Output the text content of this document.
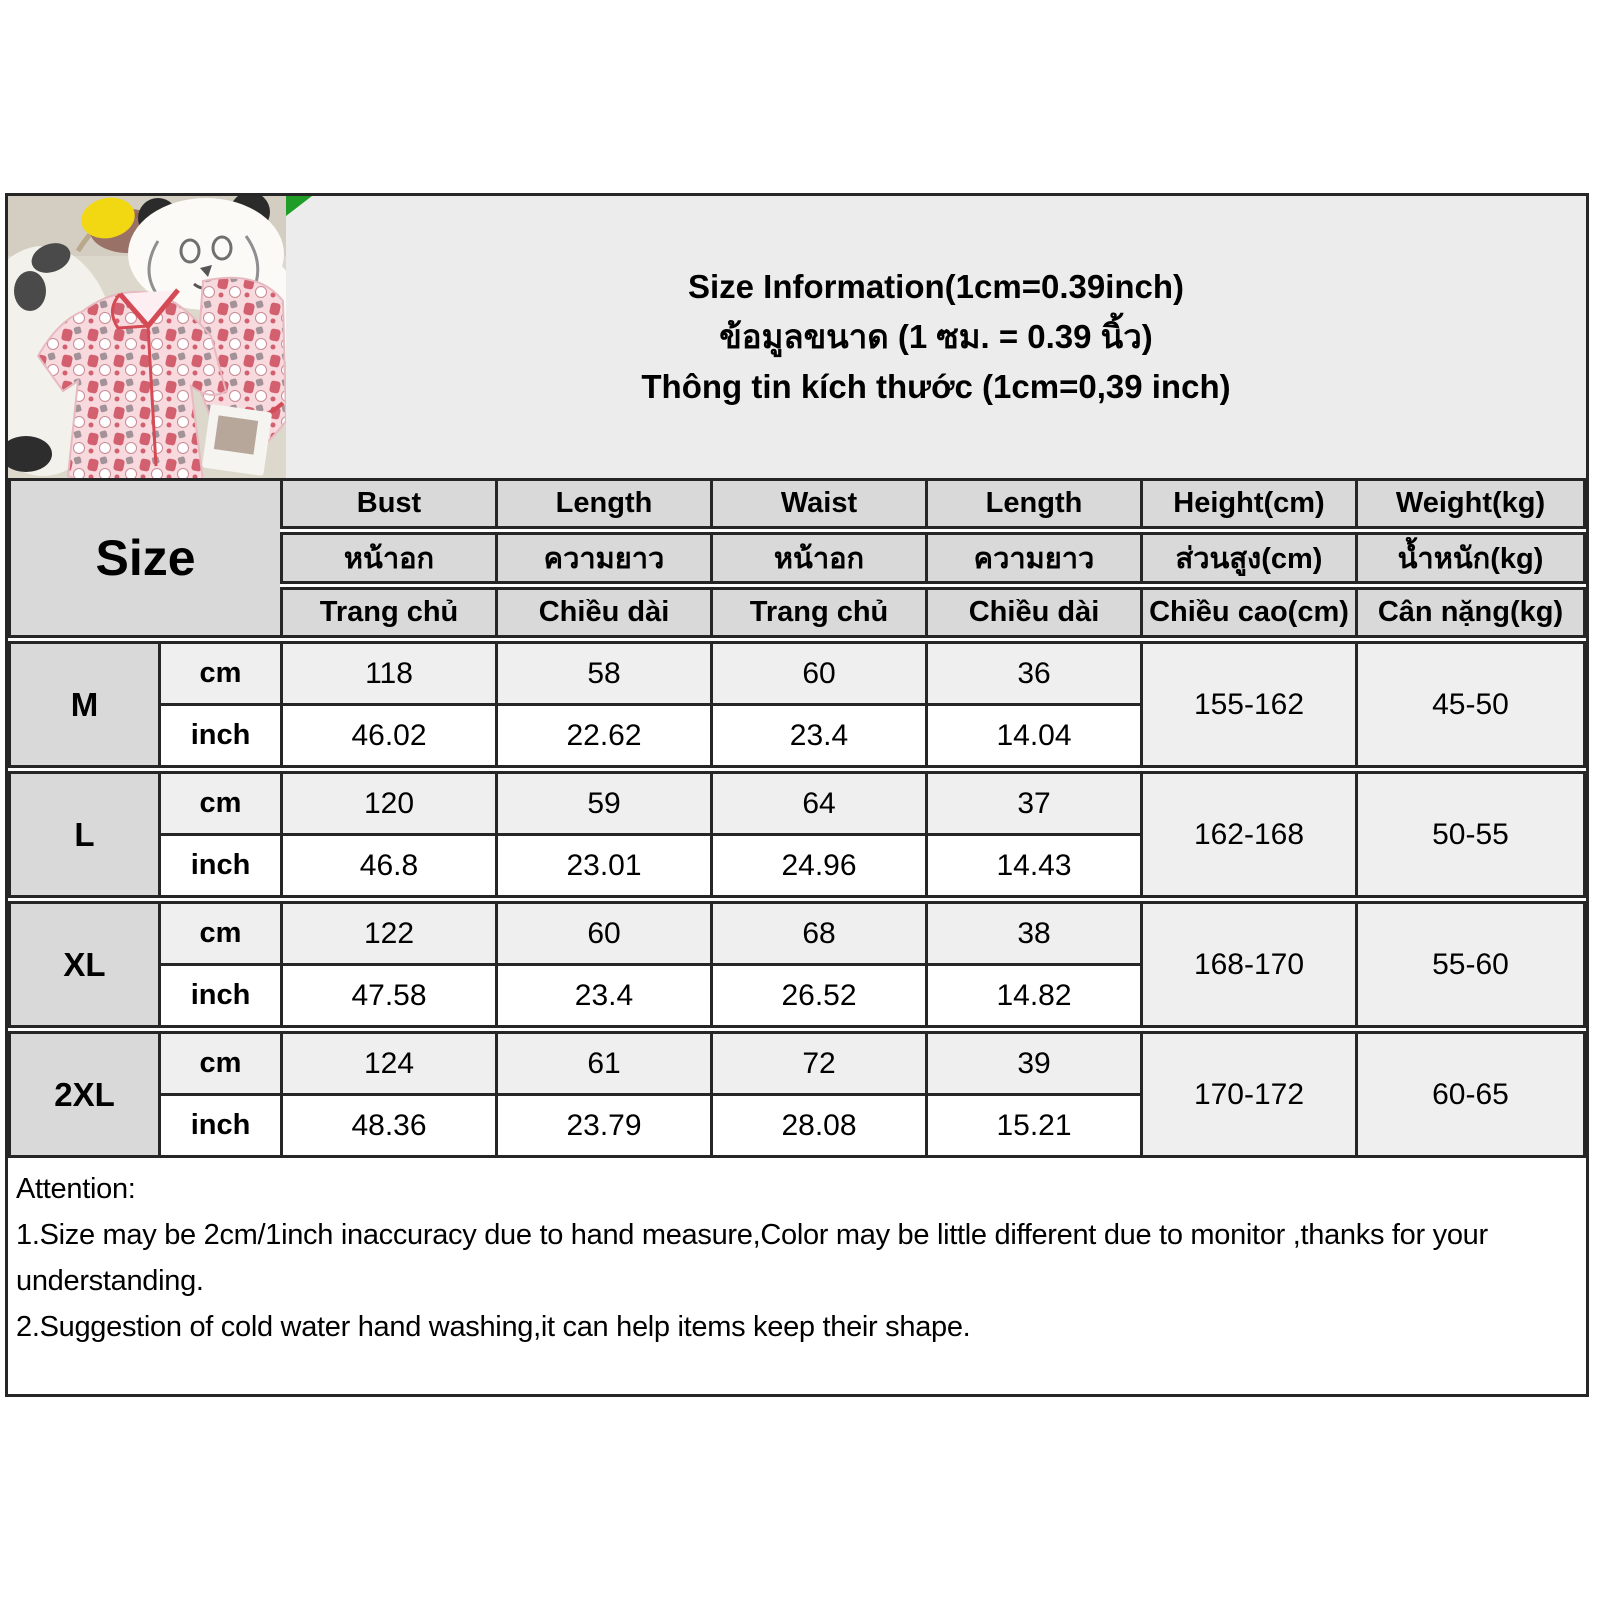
Size Information(1cm=0.39inch)
ข้อมูลขนาด (1 ซม. = 0.39 นิ้ว)
Thông tin kích thước (1cm=0,39 inch)
Size		Bust	Length	Waist	Length	Height(cm)	Weight(kg)
		หน้าอก	ความยาว	หน้าอก	ความยาว	ส่วนสูง(cm)	น้ำหนัก(kg)
		Trang chủ	Chiều dài	Trang chủ	Chiều dài	Chiều cao(cm)	Cân nặng(kg)
M	cm	118	58	60	36	155-162	45-50
	inch	46.02	22.62	23.4	14.04		
L	cm	120	59	64	37	162-168	50-55
	inch	46.8	23.01	24.96	14.43		
XL	cm	122	60	68	38	168-170	55-60
	inch	47.58	23.4	26.52	14.82		
2XL	cm	124	61	72	39	170-172	60-65
	inch	48.36	23.79	28.08	15.21		

Attention:

1.Size may be 2cm/1inch inaccuracy due to hand measure,Color may be little different due to monitor ,thanks for your understanding.

2.Suggestion of cold water hand washing,it can help items keep their shape.
